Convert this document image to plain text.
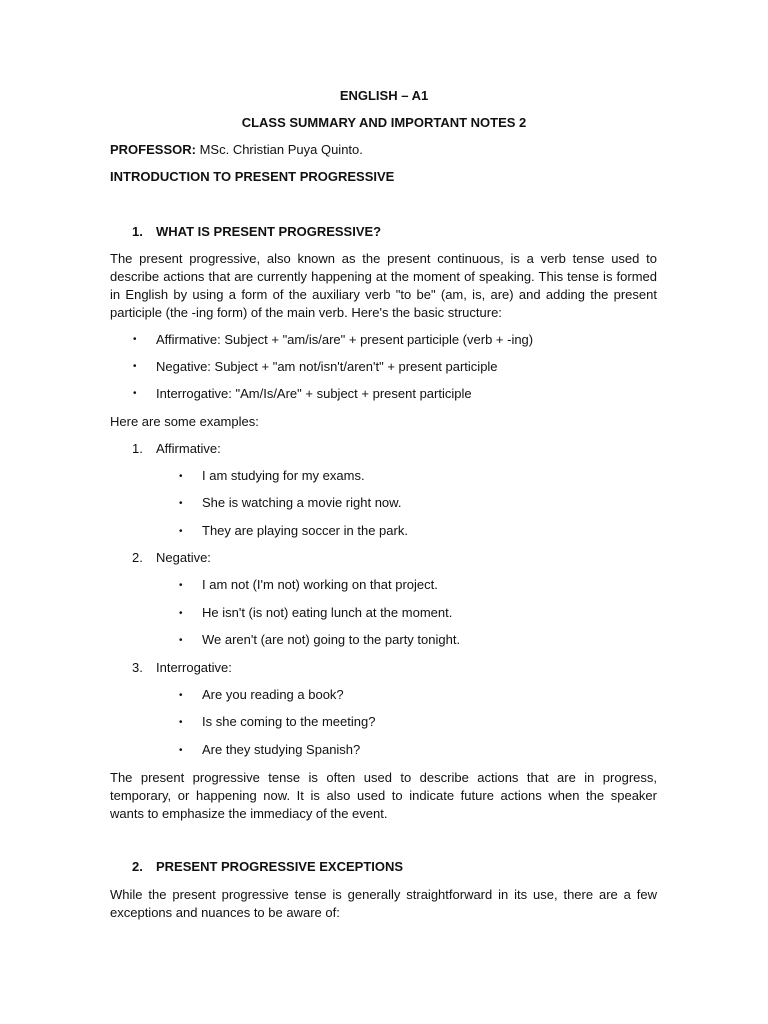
ENGLISH – A1

CLASS SUMMARY AND IMPORTANT NOTES 2

PROFESSOR: MSc. Christian Puya Quinto.

INTRODUCTION TO PRESENT PROGRESSIVE

1. WHAT IS PRESENT PROGRESSIVE?

The present progressive, also known as the present continuous, is a verb tense used to

describe actions that are currently happening at the moment of speaking. This tense is formed

in English by using a form of the auxiliary verb "to be" (am, is, are) and adding the present

participle (the -ing form) of the main verb. Here's the basic structure:

• Affirmative: Subject + "am/is/are" + present participle (verb + -ing)

• Negative: Subject + "am not/isn't/aren't" + present participle

• Interrogative: "Am/Is/Are" + subject + present participle

Here are some examples:

1. Affirmative:
• I am studying for my exams.

• She is watching a movie right now.

• They are playing soccer in the park.

2. Negative:
• I am not (I'm not) working on that project.

• He isn't (is not) eating lunch at the moment.

• We aren't (are not) going to the party tonight.

3. Interrogative:
• Are you reading a book?

• Is she coming to the meeting?

• Are they studying Spanish?

The present progressive tense is often used to describe actions that are in progress,

temporary, or happening now. It is also used to indicate future actions when the speaker

wants to emphasize the immediacy of the event.

2. PRESENT PROGRESSIVE EXCEPTIONS

While the present progressive tense is generally straightforward in its use, there are a few

exceptions and nuances to be aware of:
